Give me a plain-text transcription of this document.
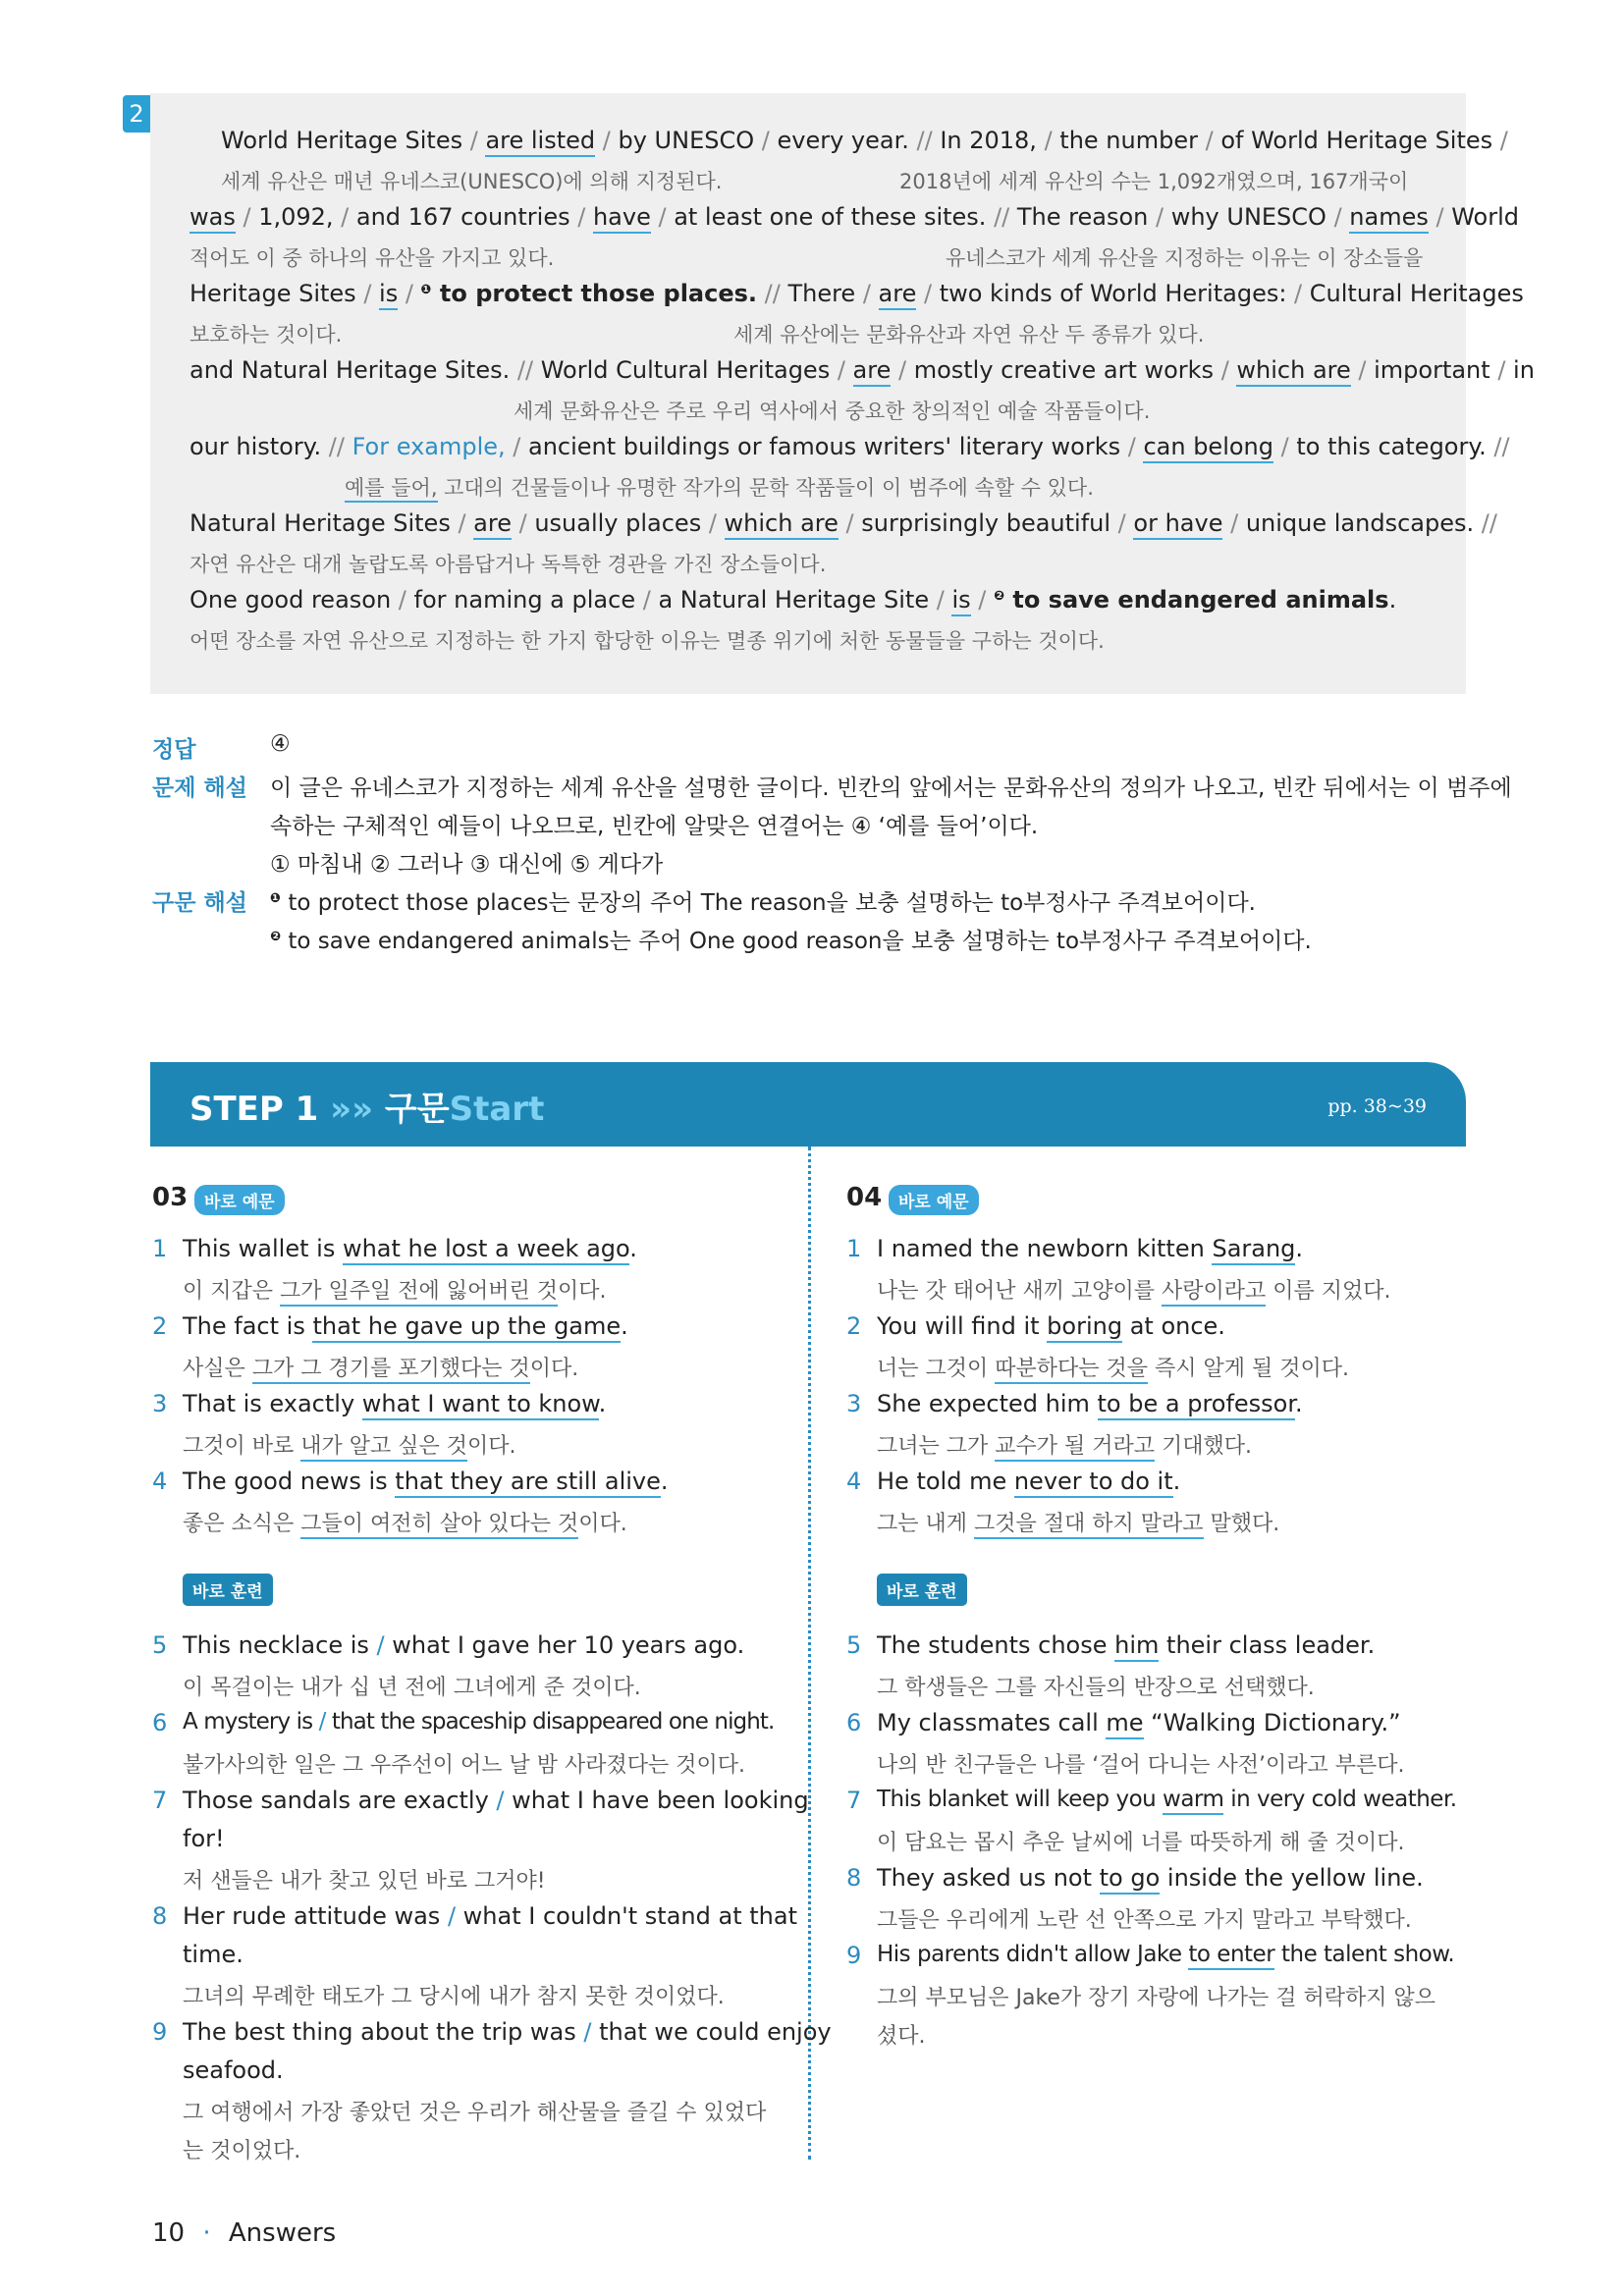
2
World Heritage Sites / are listed / by UNESCO / every year. // In 2018, / the number / of World Heritage Sites /
세계 유산은 매년 유네스코(UNESCO)에 의해 지정된다.	2018년에 세계 유산의 수는 1,092개였으며, 167개국이
was / 1,092, / and 167 countries / have / at least one of these sites. // The reason / why UNESCO / names / World
적어도 이 중 하나의 유산을 가지고 있다.	유네스코가 세계 유산을 지정하는 이유는 이 장소들을
Heritage Sites / is / $^❶$ to protect those places. // There / are / two kinds of World Heritages: / Cultural Heritages
보호하는 것이다.	세계 유산에는 문화유산과 자연 유산 두 종류가 있다.
and Natural Heritage Sites. // World Cultural Heritages / are / mostly creative art works / which are / important / in
세계 문화유산은 주로 우리 역사에서 중요한 창의적인 예술 작품들이다.
our history. // For example, / ancient buildings or famous writers' literary works / can belong / to this category. //
예를 들어, 고대의 건물들이나 유명한 작가의 문학 작품들이 이 범주에 속할 수 있다.
Natural Heritage Sites / are / usually places / which are / surprisingly beautiful / or have / unique landscapes. //
자연 유산은 대개 놀랍도록 아름답거나 독특한 경관을 가진 장소들이다.
One good reason / for naming a place / a Natural Heritage Site / is / $^❷$ to save endangered animals.
어떤 장소를 자연 유산으로 지정하는 한 가지 합당한 이유는 멸종 위기에 처한 동물들을 구하는 것이다.
정답	④
문제 해설 이 글은 유네스코가 지정하는 세계 유산을 설명한 글이다. 빈칸의 앞에서는 문화유산의 정의가 나오고, 빈칸 뒤에서는 이 범주에
속하는 구체적인 예들이 나오므로, 빈칸에 알맞은 연결어는 ④ ‘예를 들어’이다.
① 마침내 ② 그러나 ③ 대신에 ⑤ 게다가
구문 해설 $^❶$ to protect those places는 문장의 주어 The reason을 보충 설명하는 to부정사구 주격보어이다.
$^❷$ to save endangered animals는 주어 One good reason을 보충 설명하는 to부정사구 주격보어이다.
STEP 1 »» 구문Start	pp. 38~39
03 바로 예문
바로 훈련
04 바로 예문
바로 훈련
1 This wallet is what he lost a week ago.
이 지갑은 그가 일주일 전에 잃어버린 것이다.
2 The fact is that he gave up the game.
사실은 그가 그 경기를 포기했다는 것이다.
3 That is exactly what I want to know.
그것이 바로 내가 알고 싶은 것이다.
4 The good news is that they are still alive.
좋은 소식은 그들이 여전히 살아 있다는 것이다.
5 This necklace is / what I gave her 10 years ago.
이 목걸이는 내가 십 년 전에 그녀에게 준 것이다.
6 A mystery is / that the spaceship disappeared one night.
불가사의한 일은 그 우주선이 어느 날 밤 사라졌다는 것이다.
7 Those sandals are exactly / what I have been looking
for!
저 샌들은 내가 찾고 있던 바로 그거야!
8 Her rude attitude was / what I couldn't stand at that
time.
그녀의 무례한 태도가 그 당시에 내가 참지 못한 것이었다.
9 The best thing about the trip was / that we could enjoy
seafood.
그 여행에서 가장 좋았던 것은 우리가 해산물을 즐길 수 있었다
는 것이었다.
1 I named the newborn kitten Sarang.
나는 갓 태어난 새끼 고양이를 사랑이라고 이름 지었다.
2 You will find it boring at once.
너는 그것이 따분하다는 것을 즉시 알게 될 것이다.
3 She expected him to be a professor.
그녀는 그가 교수가 될 거라고 기대했다.
4 He told me never to do it.
그는 내게 그것을 절대 하지 말라고 말했다.
5 The students chose him their class leader.
그 학생들은 그를 자신들의 반장으로 선택했다.
6 My classmates call me “Walking Dictionary.”
나의 반 친구들은 나를 ‘걸어 다니는 사전’이라고 부른다.
7 This blanket will keep you warm in very cold weather.
이 담요는 몹시 추운 날씨에 너를 따뜻하게 해 줄 것이다.
8 They asked us not to go inside the yellow line.
그들은 우리에게 노란 선 안쪽으로 가지 말라고 부탁했다.
9 His parents didn't allow Jake to enter the talent show.
그의 부모님은 Jake가 장기 자랑에 나가는 걸 허락하지 않으
셨다.
10 · Answers
